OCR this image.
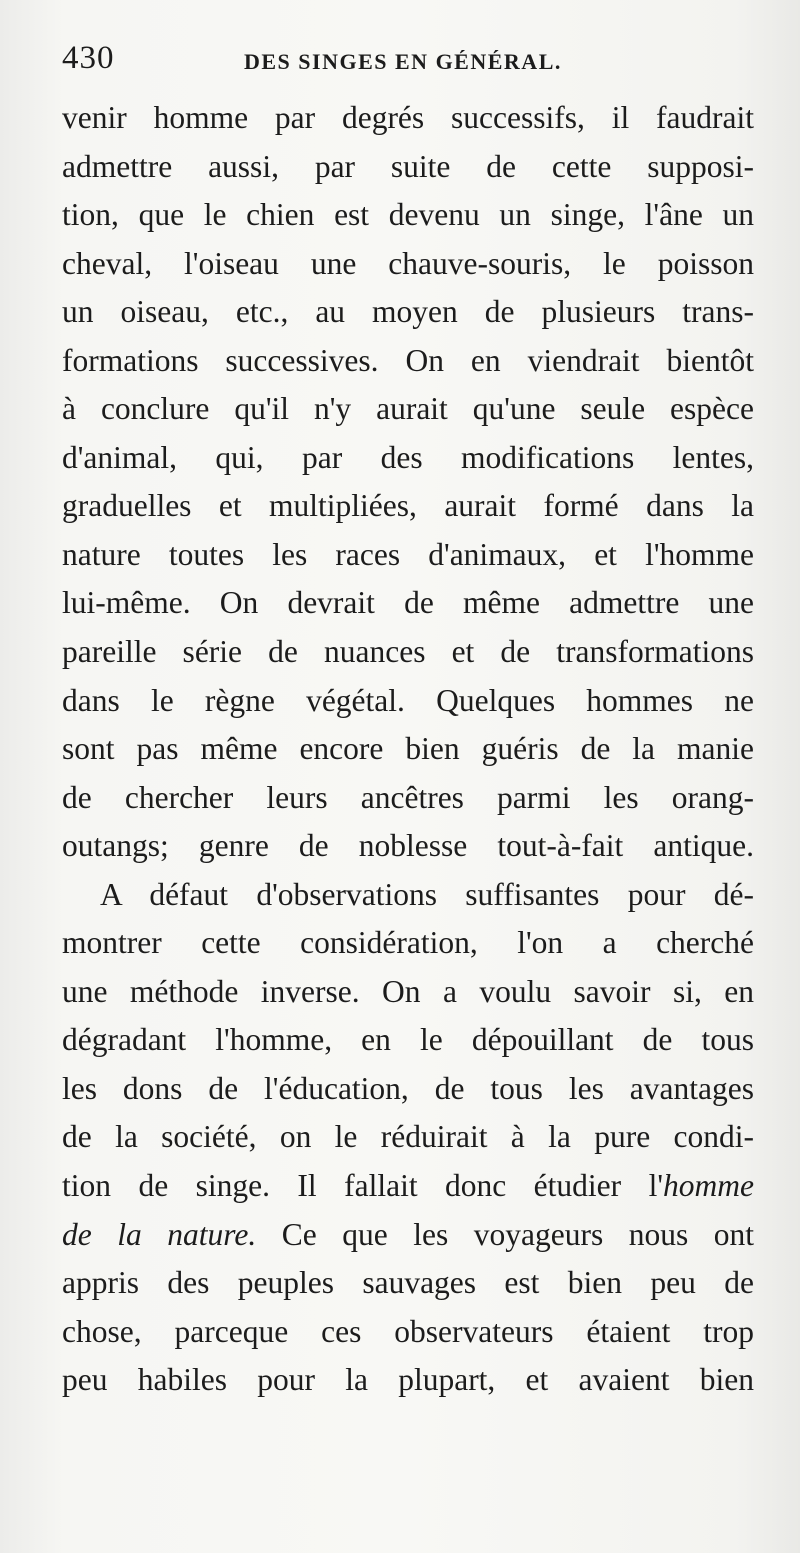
430	DES SINGES EN GÉNÉRAL.
venir homme par degrés successifs, il faudrait
admettre aussi, par suite de cette supposi-
tion, que le chien est devenu un singe, l'âne un
cheval, l'oiseau une chauve-souris, le poisson
un oiseau, etc., au moyen de plusieurs trans-
formations successives. On en viendrait bientôt
à conclure qu'il n'y aurait qu'une seule espèce
d'animal, qui, par des modifications lentes,
graduelles et multipliées, aurait formé dans la
nature toutes les races d'animaux, et l'homme
lui-même. On devrait de même admettre une
pareille série de nuances et de transformations
dans le règne végétal. Quelques hommes ne
sont pas même encore bien guéris de la manie
de chercher leurs ancêtres parmi les orang-
outangs; genre de noblesse tout-à-fait antique.
A défaut d'observations suffisantes pour dé-
montrer cette considération, l'on a cherché
une méthode inverse. On a voulu savoir si, en
dégradant l'homme, en le dépouillant de tous
les dons de l'éducation, de tous les avantages
de la société, on le réduirait à la pure condi-
tion de singe. Il fallait donc étudier l'homme
de la nature. Ce que les voyageurs nous ont
appris des peuples sauvages est bien peu de
chose, parceque ces observateurs étaient trop
peu habiles pour la plupart, et avaient bien
